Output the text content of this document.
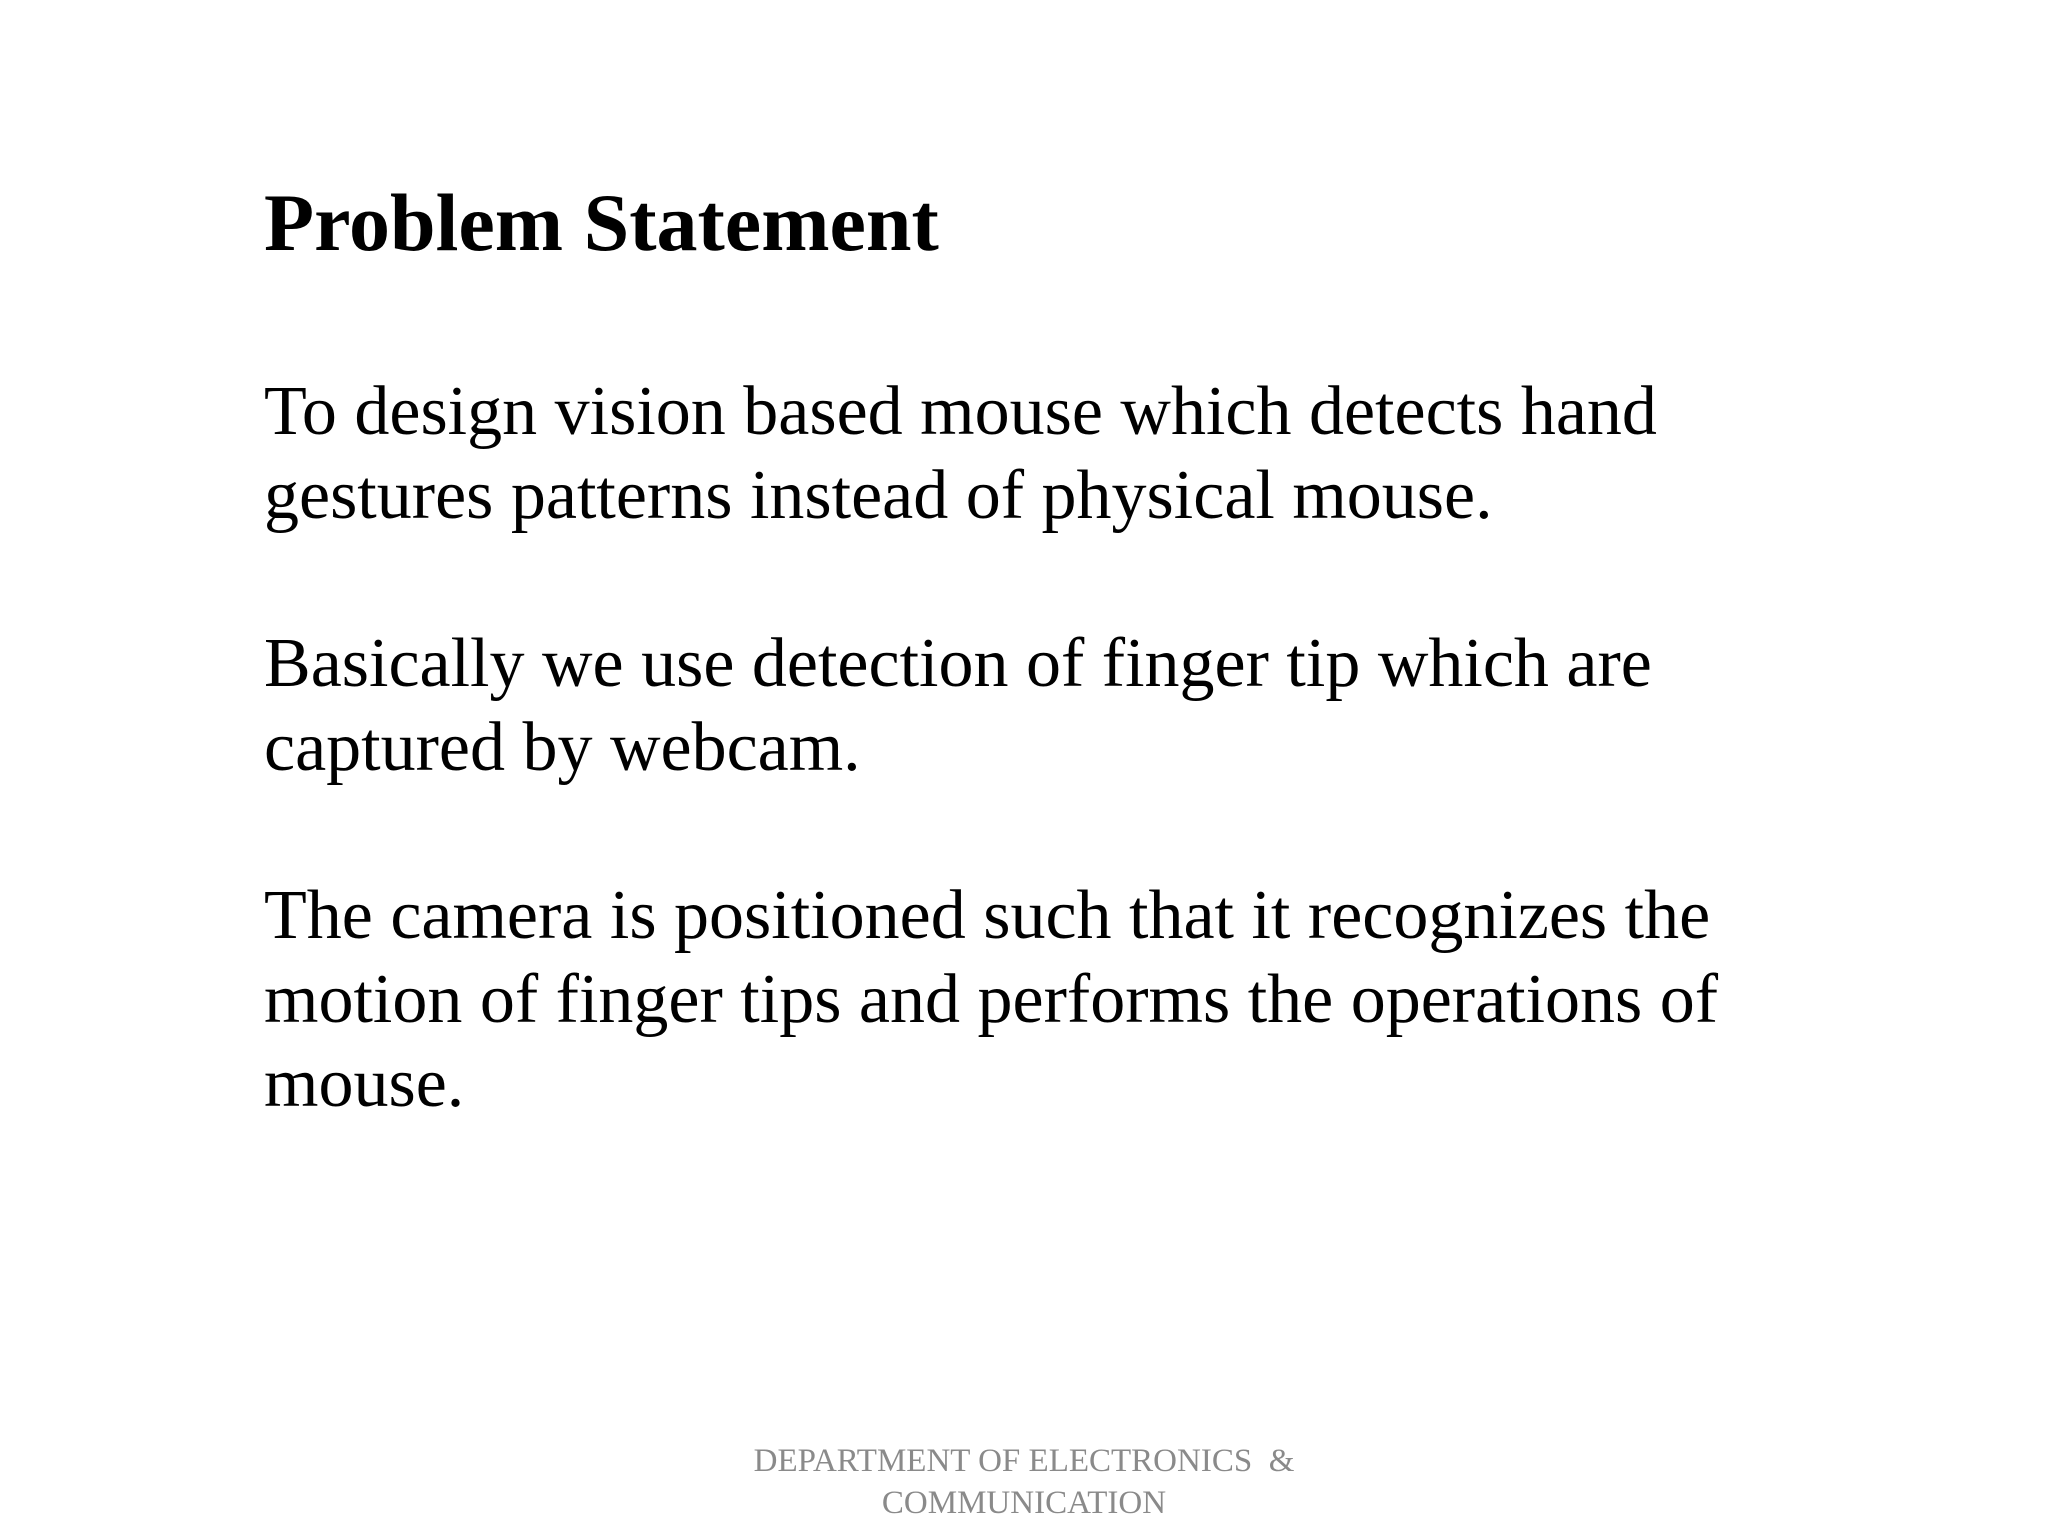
Problem Statement

To design vision based mouse which detects hand
gestures patterns instead of physical mouse.

Basically we use detection of finger tip which are
captured by webcam.

The camera is positioned such that it recognizes the
motion of finger tips and performs the operations of
mouse.

DEPARTMENT OF ELECTRONICS  &
COMMUNICATION
